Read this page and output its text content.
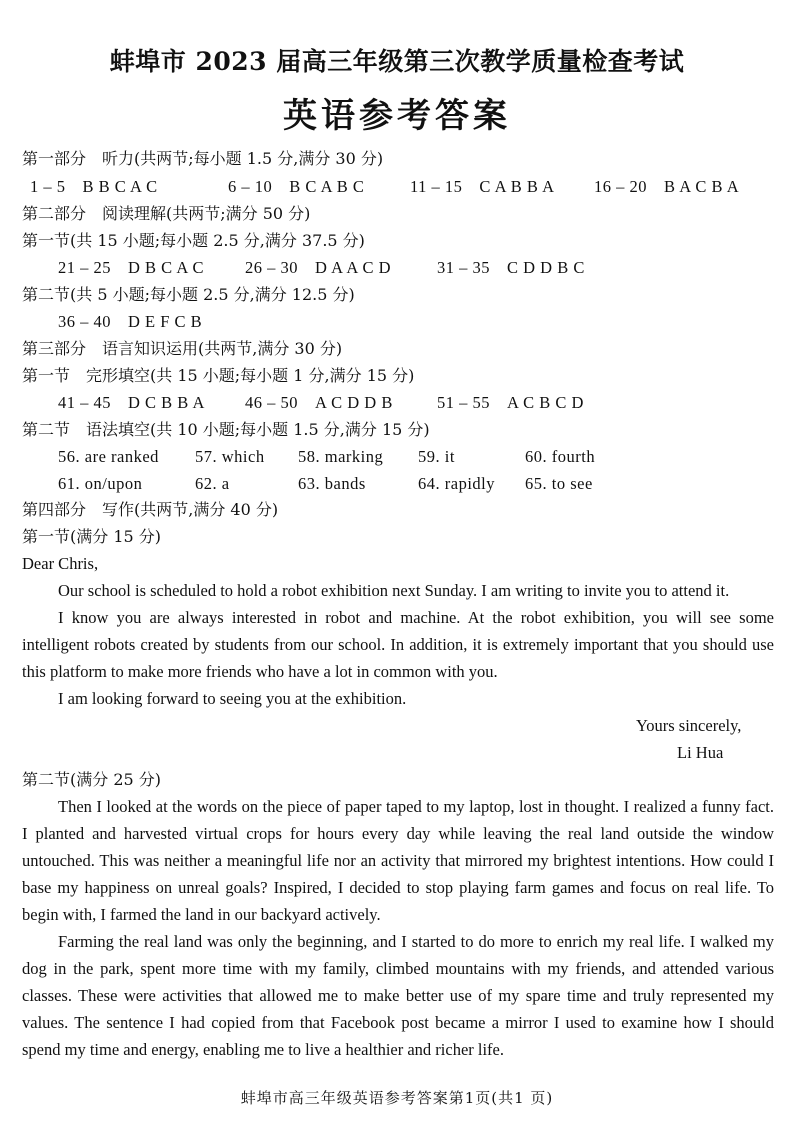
蚌埠市 2023 届高三年级第三次教学质量检查考试
英语参考答案
第一部分　听力(共两节;每小题 1.5 分,满分 30 分)
1 – 5　B B C A C	6 – 10　B C A B C	11 – 15　C A B B A 16 – 20　B A C B A
第二部分　阅读理解(共两节;满分 50 分)
第一节(共 15 小题;每小题 2.5 分,满分 37.5 分)
21 – 25　D B C A C 26 – 30　D A A C D	31 – 35　C D D B C
第二节(共 5 小题;每小题 2.5 分,满分 12.5 分)
36 – 40　D E F C B
第三部分　语言知识运用(共两节,满分 30 分)
第一节　完形填空(共 15 小题;每小题 1 分,满分 15 分)
41 – 45　D C B B A 46 – 50　A C D D B	51 – 55　A C B C D
第二节　语法填空(共 10 小题;每小题 1.5 分,满分 15 分)
56. are ranked 57. which 58. marking 59. it	60. fourth
61. on/upon	62. a	63. bands	64. rapidly 65. to see
第四部分　写作(共两节,满分 40 分)
第一节(满分 15 分)
Dear Chris,
Our school is scheduled to hold a robot exhibition next Sunday. I am writing to invite you to attend it.
I know you are always interested in robot and machine. At the robot exhibition, you will see some intelligent robots created by students from our school. In addition, it is extremely important that you should use this platform to make more friends who have a lot in common with you.
I am looking forward to seeing you at the exhibition.
Yours sincerely,
Li Hua
第二节(满分 25 分)
Then I looked at the words on the piece of paper taped to my laptop, lost in thought. I realized a funny fact. I planted and harvested virtual crops for hours every day while leaving the real land outside the window untouched. This was neither a meaningful life nor an activity that mirrored my brightest intentions. How could I base my happiness on unreal goals? Inspired, I decided to stop playing farm games and focus on real life. To begin with, I farmed the land in our backyard actively.
Farming the real land was only the beginning, and I started to do more to enrich my real life. I walked my dog in the park, spent more time with my family, climbed mountains with my friends, and attended various classes. These were activities that allowed me to make better use of my spare time and truly represented my values. The sentence I had copied from that Facebook post became a mirror I used to examine how I should spend my time and energy, enabling me to live a healthier and richer life.
蚌埠市高三年级英语参考答案第1页(共1 页)
